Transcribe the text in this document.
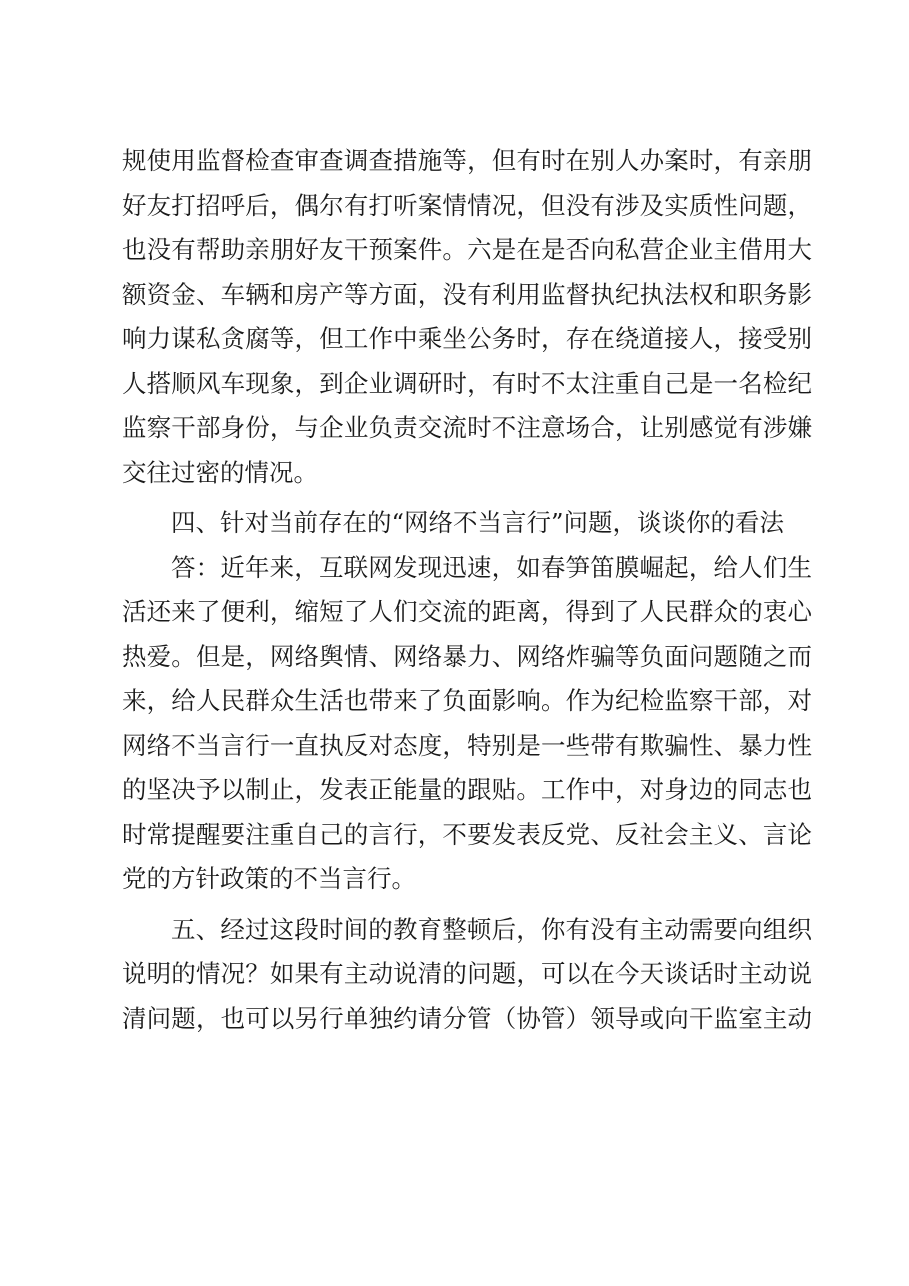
规使用监督检查审查调查措施等，但有时在别人办案时，有亲朋
好友打招呼后，偶尔有打听案情情况，但没有涉及实质性问题，
也没有帮助亲朋好友干预案件。六是在是否向私营企业主借用大
额资金、车辆和房产等方面，没有利用监督执纪执法权和职务影
响力谋私贪腐等，但工作中乘坐公务时，存在绕道接人，接受别
人搭顺风车现象，到企业调研时，有时不太注重自己是一名检纪
监察干部身份，与企业负责交流时不注意场合，让别感觉有涉嫌
交往过密的情况。
四、针对当前存在的“网络不当言行”问题，谈谈你的看法
答：近年来，互联网发现迅速，如春笋笛膜崛起，给人们生
活还来了便利，缩短了人们交流的距离，得到了人民群众的衷心
热爱。但是，网络舆情、网络暴力、网络炸骗等负面问题随之而
来，给人民群众生活也带来了负面影响。作为纪检监察干部，对
网络不当言行一直执反对态度，特别是一些带有欺骗性、暴力性
的坚决予以制止，发表正能量的跟贴。工作中，对身边的同志也
时常提醒要注重自己的言行，不要发表反党、反社会主义、言论
党的方针政策的不当言行。
五、经过这段时间的教育整顿后，你有没有主动需要向组织
说明的情况？如果有主动说清的问题，可以在今天谈话时主动说
清问题，也可以另行单独约请分管（协管）领导或向干监室主动
